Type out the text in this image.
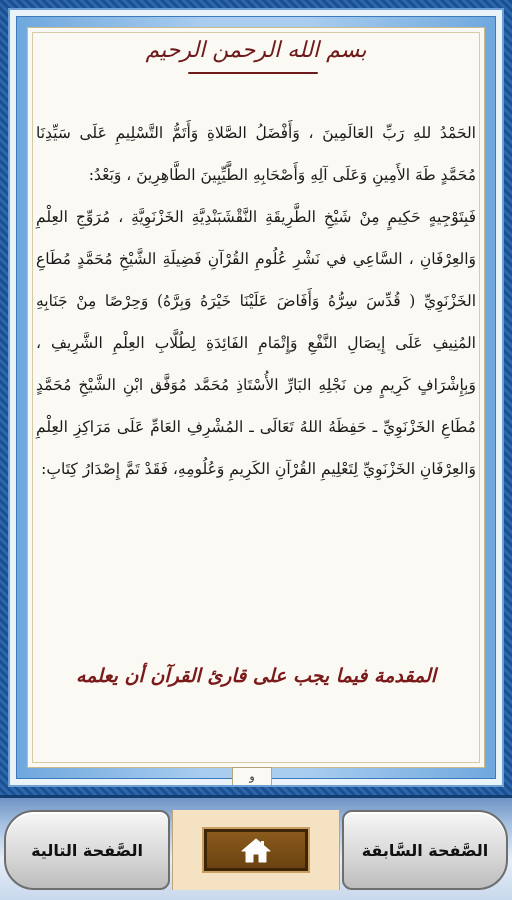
بسم الله الرحمن الرحيم

الحَمْدُ للهِ رَبِّ العَالَمِينَ ، وَأَفْضَلُ الصَّلاةِ وَأَتَمُّ التَّسْلِيمِ عَلَى سَيِّدِنَا مُحَمَّدٍ طَهَ الأَمِينِ وَعَلَى آلِهِ وَأَصْحَابِهِ الطَّيِّبِينَ الطَّاهِرِينَ ، وَبَعْدُ:

فَبِتَوْجِيهٍ حَكِيمٍ مِنْ شَيْخِ الطَّرِيقَةِ النَّقْشَبَنْدِيَّةِ الخَزْنَوِيَّةِ ، مُرَوِّجِ العِلْمِ وَالعِرْفَانِ ، السَّاعِي في نَشْرِ عُلُومِ القُرْآنِ فَضِيلَةِ الشَّيْخِ مُحَمَّدٍ مُطَاعِ الخَزْنَوِيِّ ( قُدِّسَ سِرُّهُ وَأَفَاضَ عَلَيْنَا خَيْرَهُ وَبِرَّهُ) وَحِرْصًا مِنْ جَنَابِهِ المُنِيفِ عَلَى إِيصَالِ النَّفْعِ وَإِتْمَامِ الفَائِدَةِ لِطُلَّابِ العِلْمِ الشَّرِيفِ ، وَبِإِشْرَافٍ كَرِيمٍ مِن نَجْلِهِ البَارِّ الأُسْتَاذِ مُحَمَّد مُوَفَّق ابْنِ الشَّيْخِ مُحَمَّدٍ مُطَاعِ الخَزْنَوِيِّ ـ حَفِظَهُ اللهُ تَعَالَى ـ المُشْرِفِ العَامِّ عَلَى مَرَاكِزِ العِلْمِ وَالعِرْفَانِ الخَزْنَوِيِّ لِتَعْلِيمِ القُرْآنِ الكَرِيمِ وَعُلُومِهِ، فَقَدْ تَمَّ إِصْدَارُ كِتَابِ:

المقدمة فيما يجب على قارئ القرآن أن يعلمه
و
الصَّفحة التالية	الصَّفحة السَّابقة
